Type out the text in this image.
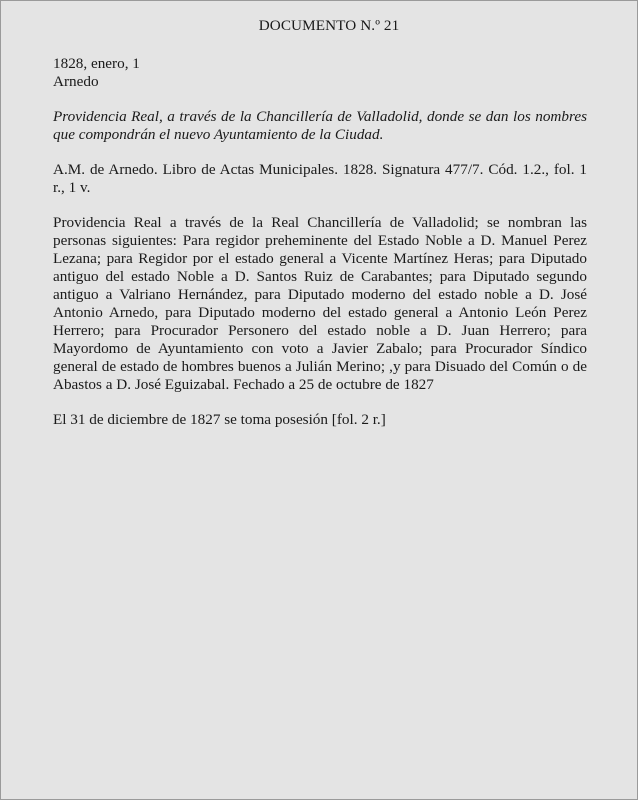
DOCUMENTO N.º 21

1828, enero, 1

Arnedo

Providencia Real, a través de la Chancillería de Valladolid, donde se dan los nombres que compondrán el nuevo Ayuntamiento de la Ciudad.

A.M. de Arnedo. Libro de Actas Municipales. 1828. Signatura 477/7. Cód. 1.2., fol. 1 r., 1 v.

Providencia Real a través de la Real Chancillería de Valladolid; se nombran las personas siguientes: Para regidor preheminente del Estado Noble a D. Manuel Perez Lezana; para Regidor por el estado general a Vicente Martínez Heras; para Diputado antiguo del estado Noble a D. Santos Ruiz de Carabantes; para Diputado segundo antiguo a Valriano Hernández, para Diputado moderno del estado noble a D. José Antonio Arnedo, para Diputado moderno del estado general a Antonio León Perez Herrero; para Procurador Personero del estado noble a D. Juan Herrero; para Mayordomo de Ayuntamiento con voto a Javier Zabalo; para Procurador Síndico general de estado de hombres buenos a Julián Merino; ,y para Disuado del Común o de Abastos a D. José Eguizabal. Fechado a 25 de octubre de 1827

El 31 de diciembre de 1827 se toma posesión [fol. 2 r.]
